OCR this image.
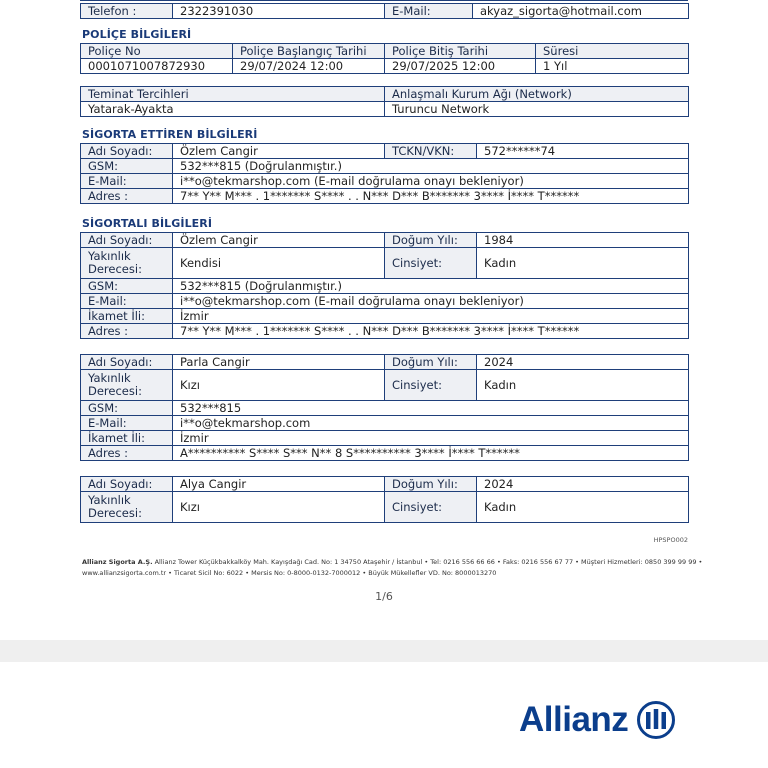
Telefon :	2322391030	E-Mail:	akyaz_sigorta@hotmail.com
POLİÇE BİLGİLERİ
Poliçe No	Poliçe Başlangıç Tarihi	Poliçe Bitiş Tarihi	Süresi
0001071007872930	29/07/2024 12:00	29/07/2025 12:00	1 Yıl
Teminat Tercihleri	Anlaşmalı Kurum Ağı (Network)
Yatarak-Ayakta	Turuncu Network
SİGORTA ETTİREN BİLGİLERİ
Adı Soyadı:	Özlem Cangir	TCKN/VKN:	572******74
GSM:	532***815 (Doğrulanmıştır.)		
E-Mail:	i**o@tekmarshop.com (E-mail doğrulama onayı bekleniyor)		
Adres :	7** Y** M*** . 1******* S**** . . N*** D*** B******* 3**** İ**** T******		
SİGORTALI BİLGİLERİ
Adı Soyadı:	Özlem Cangir	Doğum Yılı:	1984
Yakınlık
Derecesi:	Kendisi	Cinsiyet:	Kadın
GSM:	532***815 (Doğrulanmıştır.)		
E-Mail:	i**o@tekmarshop.com (E-mail doğrulama onayı bekleniyor)		
İkamet İli:	İzmir		
Adres :	7** Y** M*** . 1******* S**** . . N*** D*** B******* 3**** İ**** T******		
Adı Soyadı:	Parla Cangir	Doğum Yılı:	2024
Yakınlık
Derecesi:	Kızı	Cinsiyet:	Kadın
GSM:	532***815		
E-Mail:	i**o@tekmarshop.com		
İkamet İli:	İzmir		
Adres :	A********** S**** S*** N** 8 S********** 3**** İ**** T******		
Adı Soyadı:	Alya Cangir	Doğum Yılı:	2024
Yakınlık
Derecesi:	Kızı	Cinsiyet:	Kadın
HPSPO002
Allianz Sigorta A.Ş. Allianz Tower Küçükbakkalköy Mah. Kayışdağı Cad. No: 1 34750 Ataşehir / İstanbul • Tel: 0216 556 66 66 • Faks: 0216 556 67 77 • Müşteri Hizmetleri: 0850 399 99 99 •
www.allianzsigorta.com.tr • Ticaret Sicil No: 6022 • Mersis No: 0-8000-0132-7000012 • Büyük Mükellefler VD. No: 8000013270
1/6
Allianz
